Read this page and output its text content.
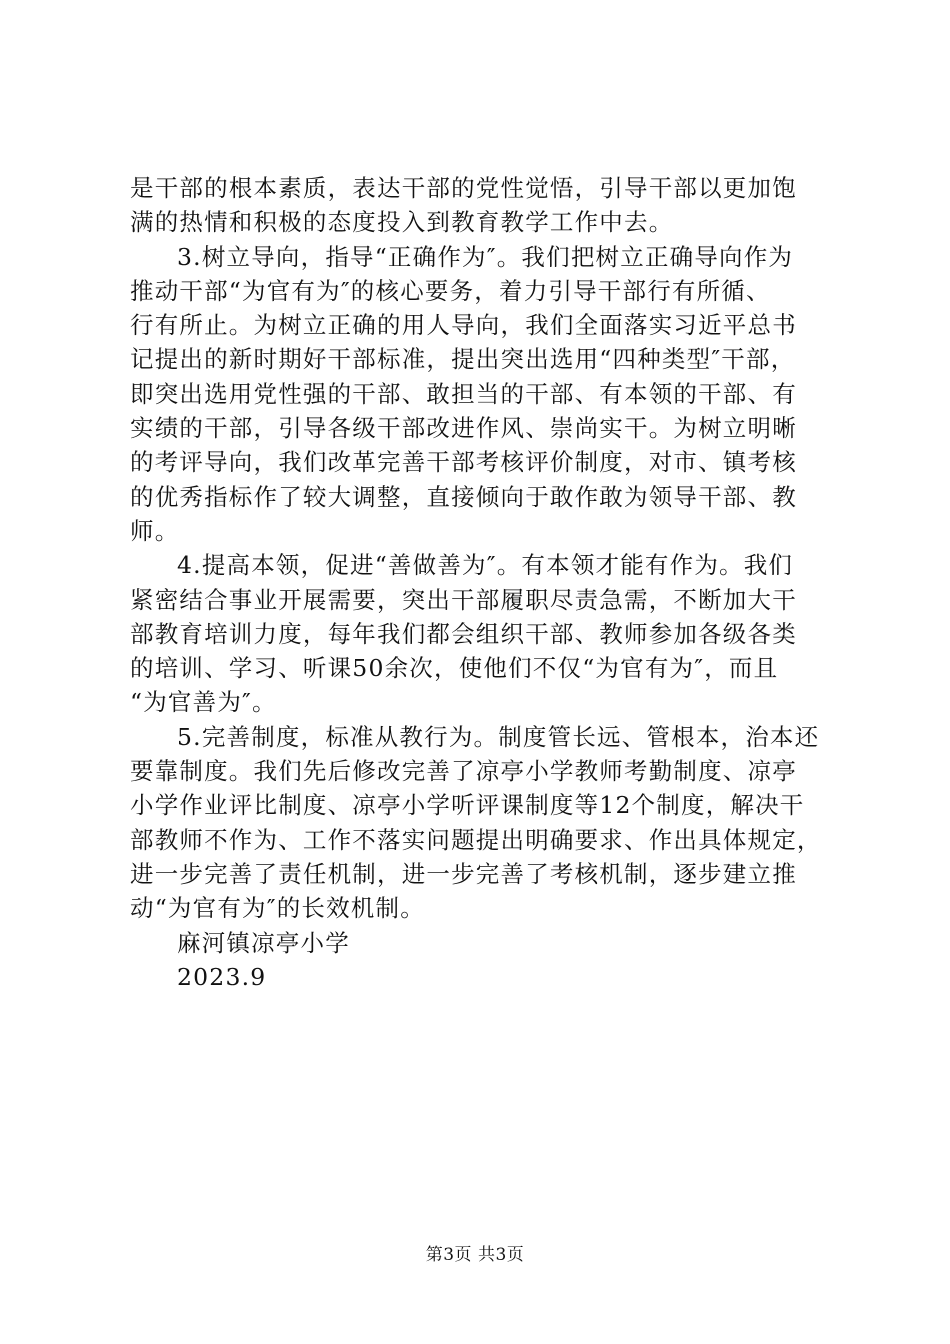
是干部的根本素质，表达干部的党性觉悟，引导干部以更加饱
满的热情和积极的态度投入到教育教学工作中去。
3.树立导向，指导“正确作为″。我们把树立正确导向作为
推动干部“为官有为″的核心要务，着力引导干部行有所循、
行有所止。为树立正确的用人导向，我们全面落实习近平总书
记提出的新时期好干部标准，提出突出选用“四种类型″干部，
即突出选用党性强的干部、敢担当的干部、有本领的干部、有
实绩的干部，引导各级干部改进作风、崇尚实干。为树立明晰
的考评导向，我们改革完善干部考核评价制度，对市、镇考核
的优秀指标作了较大调整，直接倾向于敢作敢为领导干部、教
师。
4.提高本领，促进“善做善为″。有本领才能有作为。我们
紧密结合事业开展需要，突出干部履职尽责急需，不断加大干
部教育培训力度，每年我们都会组织干部、教师参加各级各类
的培训、学习、听课50余次，使他们不仅“为官有为″，而且
“为官善为″。
5.完善制度，标准从教行为。制度管长远、管根本，治本还
要靠制度。我们先后修改完善了凉亭小学教师考勤制度、凉亭
小学作业评比制度、凉亭小学听评课制度等12个制度，解决干
部教师不作为、工作不落实问题提出明确要求、作出具体规定，
进一步完善了责任机制，进一步完善了考核机制，逐步建立推
动“为官有为″的长效机制。
麻河镇凉亭小学
2023.9
第3页 共3页
